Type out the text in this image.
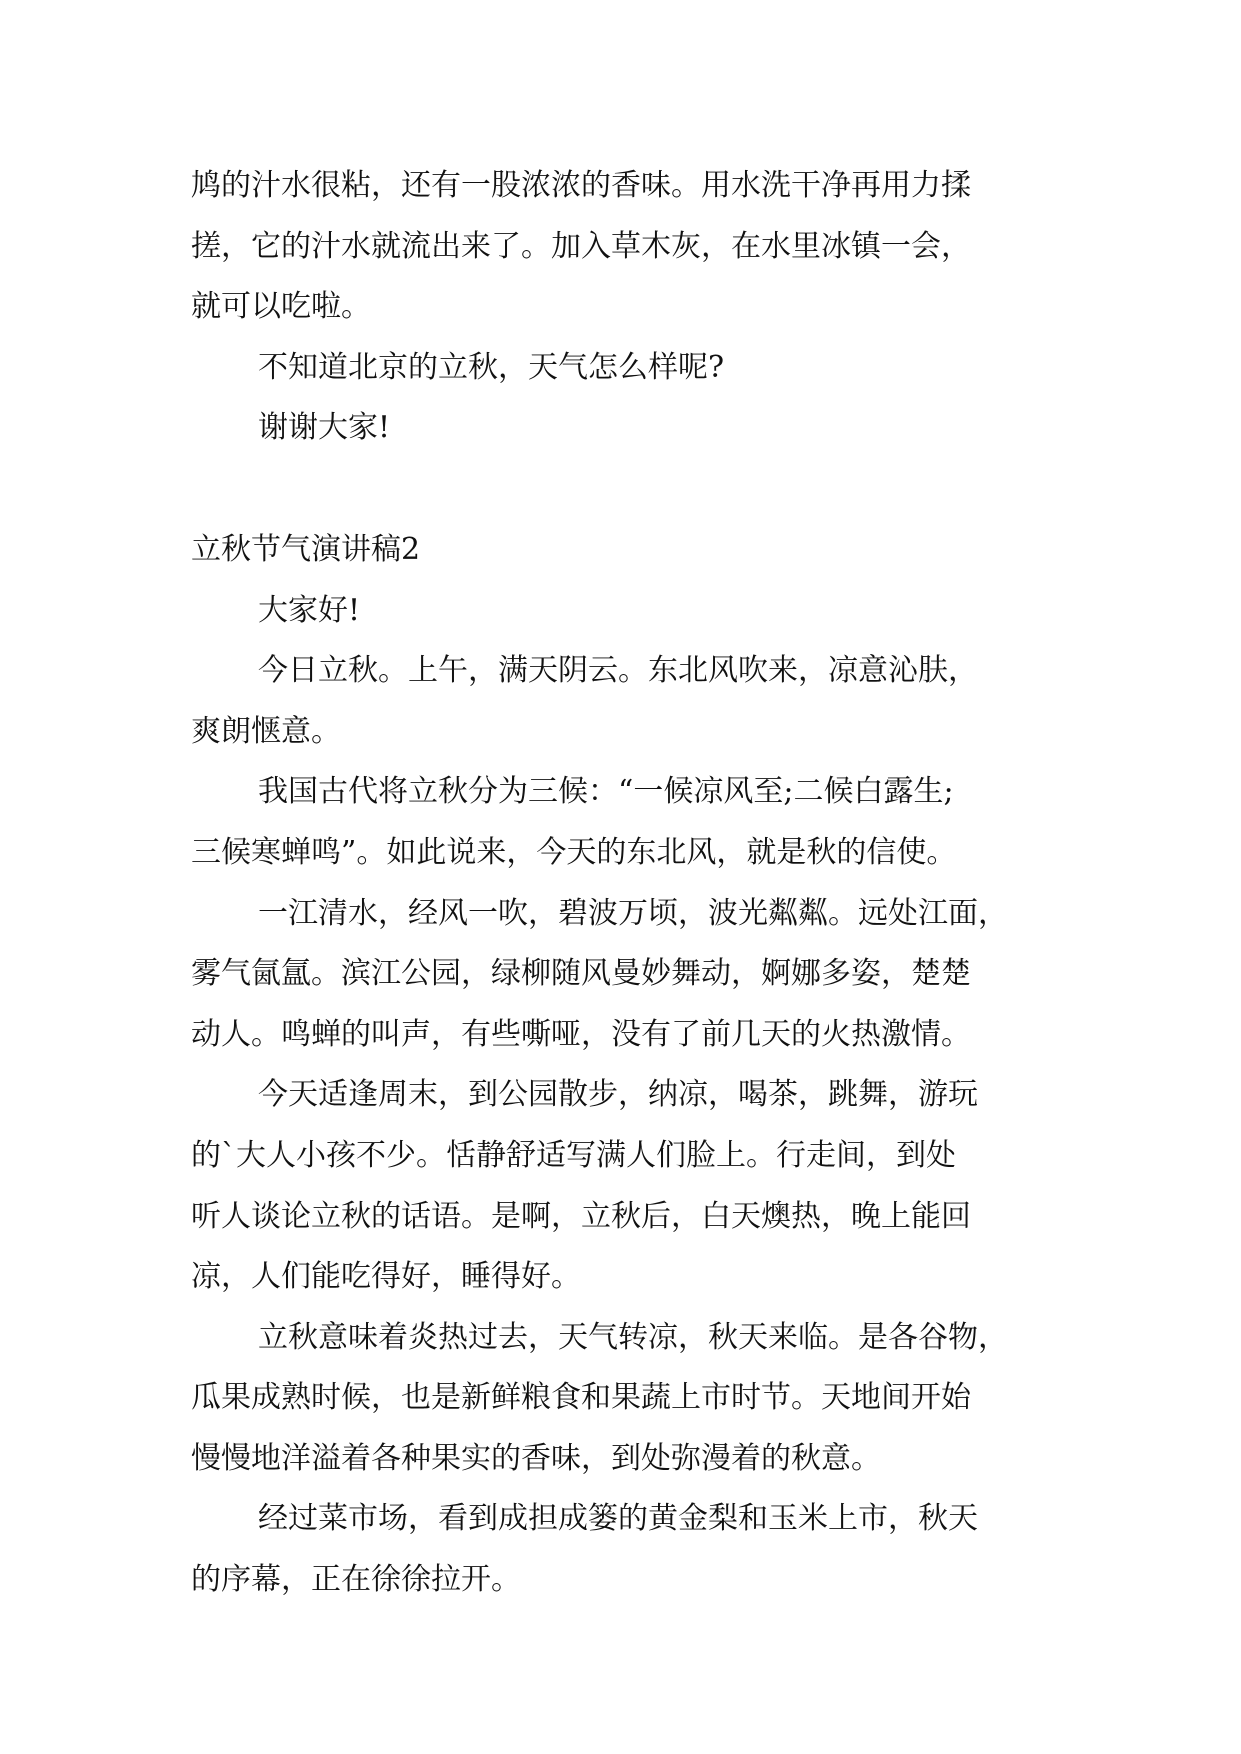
鸠的汁水很粘，还有一股浓浓的香味。用水洗干净再用力揉

搓，它的汁水就流出来了。加入草木灰，在水里冰镇一会，

就可以吃啦。

不知道北京的立秋，天气怎么样呢?

谢谢大家!

立秋节气演讲稿2

大家好!

今日立秋。上午，满天阴云。东北风吹来，凉意沁肤，

爽朗惬意。

我国古代将立秋分为三候：“一候凉风至;二候白露生;

三候寒蝉鸣”。如此说来，今天的东北风，就是秋的信使。

一江清水，经风一吹，碧波万顷，波光粼粼。远处江面，

雾气氤氲。滨江公园，绿柳随风曼妙舞动，婀娜多姿，楚楚

动人。鸣蝉的叫声，有些嘶哑，没有了前几天的火热激情。

今天适逢周末，到公园散步，纳凉，喝茶，跳舞，游玩

的`大人小孩不少。恬静舒适写满人们脸上。行走间，到处

听人谈论立秋的话语。是啊，立秋后，白天燠热，晚上能回

凉，人们能吃得好，睡得好。

立秋意味着炎热过去，天气转凉，秋天来临。是各谷物，

瓜果成熟时候，也是新鲜粮食和果蔬上市时节。天地间开始

慢慢地洋溢着各种果实的香味，到处弥漫着的秋意。

经过菜市场，看到成担成篓的黄金梨和玉米上市，秋天

的序幕，正在徐徐拉开。
